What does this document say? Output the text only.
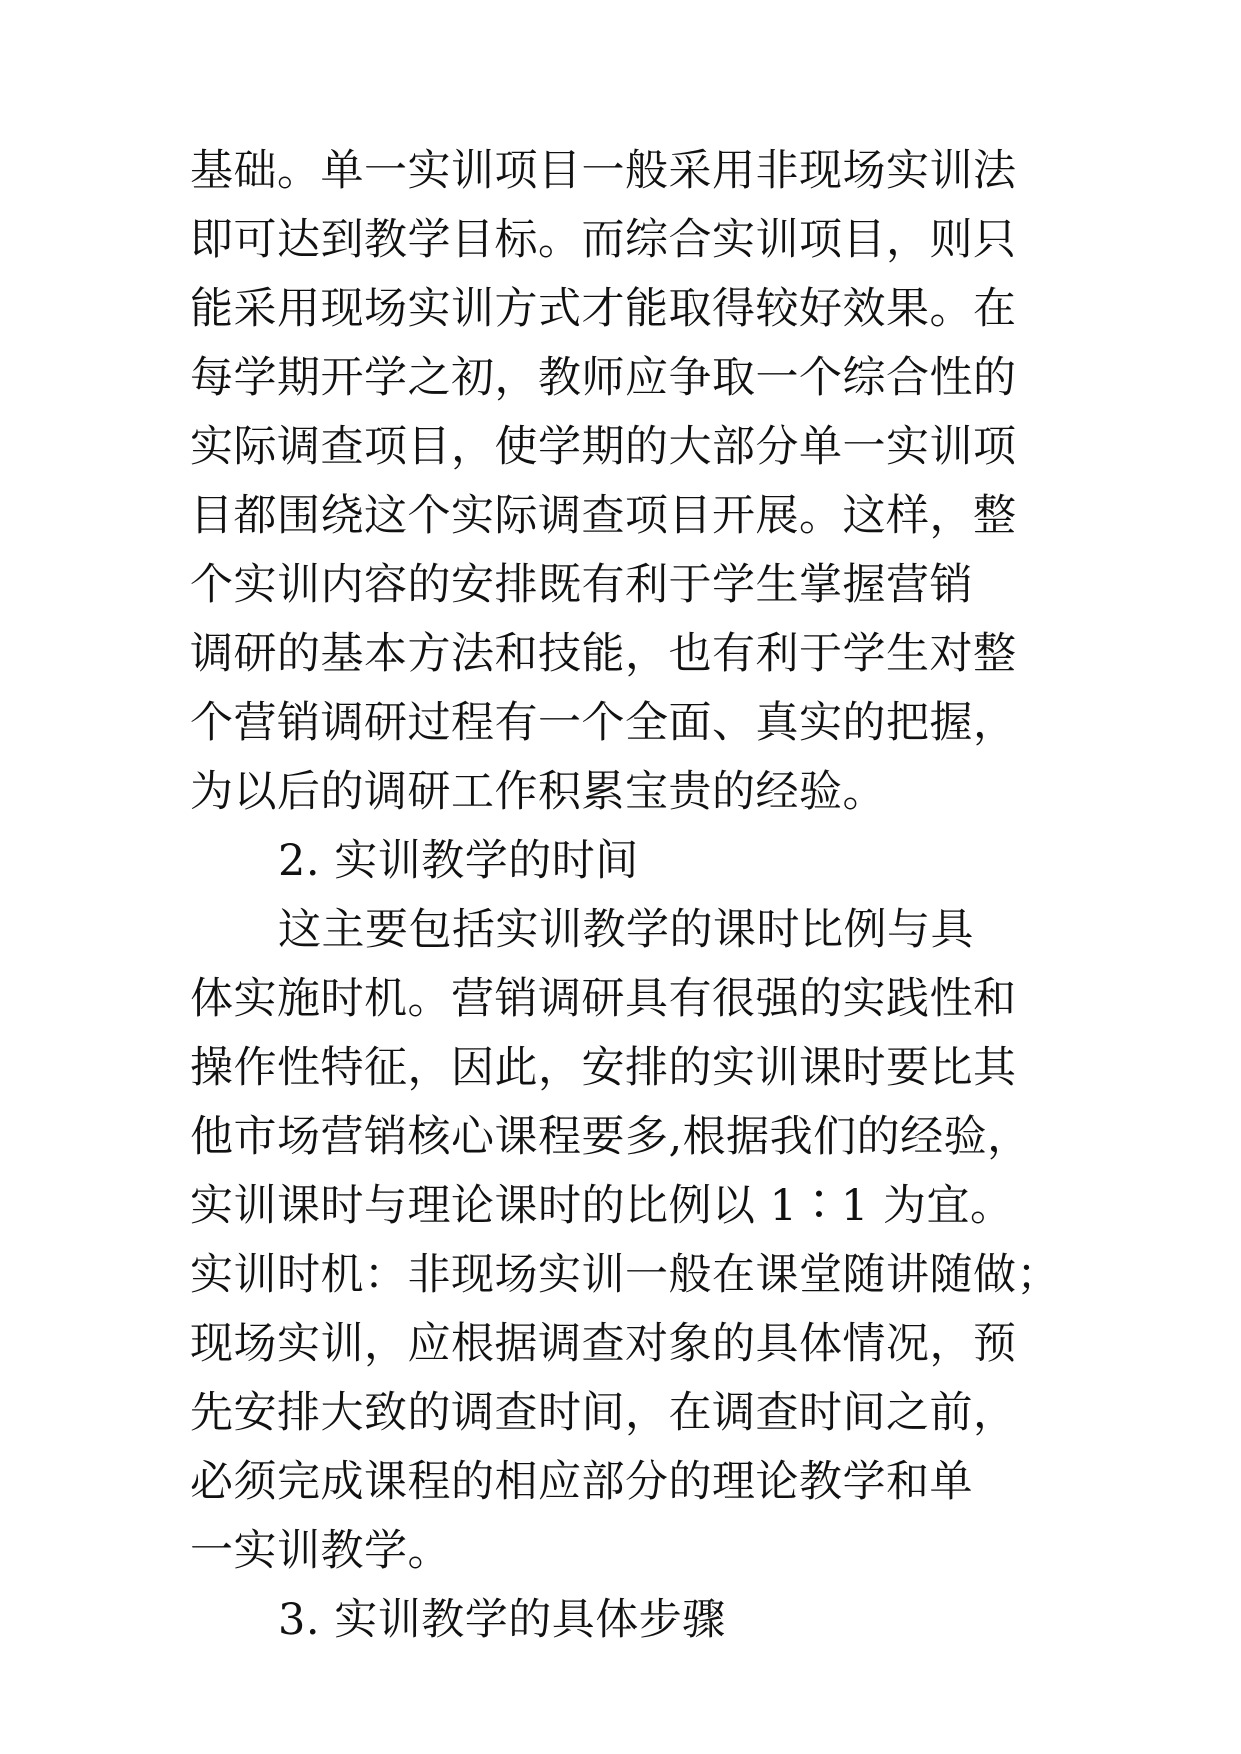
基础。单一实训项目一般采用非现场实训法
即可达到教学目标。而综合实训项目，则只
能采用现场实训方式才能取得较好效果。在
每学期开学之初，教师应争取一个综合性的
实际调查项目，使学期的大部分单一实训项
目都围绕这个实际调查项目开展。这样，整
个实训内容的安排既有利于学生掌握营销
调研的基本方法和技能，也有利于学生对整
个营销调研过程有一个全面、真实的把握，
为以后的调研工作积累宝贵的经验。
2. 实训教学的时间
这主要包括实训教学的课时比例与具
体实施时机。营销调研具有很强的实践性和
操作性特征，因此，安排的实训课时要比其
他市场营销核心课程要多,根据我们的经验，
实训课时与理论课时的比例以 1∶1 为宜。
实训时机：非现场实训一般在课堂随讲随做；
现场实训，应根据调查对象的具体情况，预
先安排大致的调查时间，在调查时间之前，
必须完成课程的相应部分的理论教学和单
一实训教学。
3. 实训教学的具体步骤
